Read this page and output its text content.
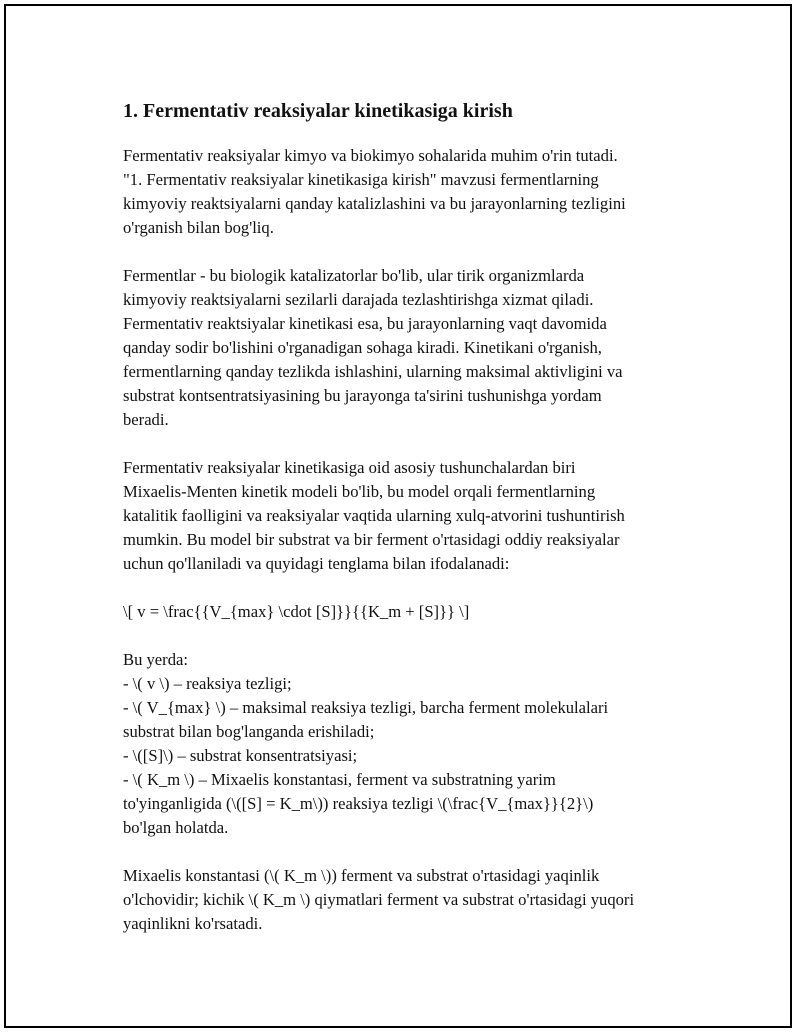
1. Fermentativ reaksiyalar kinetikasiga kirish

Fermentativ reaksiyalar kimyo va biokimyo sohalarida muhim o'rin tutadi.
"1. Fermentativ reaksiyalar kinetikasiga kirish" mavzusi fermentlarning
kimyoviy reaktsiyalarni qanday katalizlashini va bu jarayonlarning tezligini
o'rganish bilan bog'liq.

Fermentlar - bu biologik katalizatorlar bo'lib, ular tirik organizmlarda
kimyoviy reaktsiyalarni sezilarli darajada tezlashtirishga xizmat qiladi.
Fermentativ reaktsiyalar kinetikasi esa, bu jarayonlarning vaqt davomida
qanday sodir bo'lishini o'rganadigan sohaga kiradi. Kinetikani o'rganish,
fermentlarning qanday tezlikda ishlashini, ularning maksimal aktivligini va
substrat kontsentratsiyasining bu jarayonga ta'sirini tushunishga yordam
beradi.

Fermentativ reaksiyalar kinetikasiga oid asosiy tushunchalardan biri
Mixaelis-Menten kinetik modeli bo'lib, bu model orqali fermentlarning
katalitik faolligini va reaksiyalar vaqtida ularning xulq-atvorini tushuntirish
mumkin. Bu model bir substrat va bir ferment o'rtasidagi oddiy reaksiyalar
uchun qo'llaniladi va quyidagi tenglama bilan ifodalanadi:

\[ v = \frac{{V_{max} \cdot [S]}}{{K_m + [S]}} \]

Bu yerda:
- \( v \) – reaksiya tezligi;
- \( V_{max} \) – maksimal reaksiya tezligi, barcha ferment molekulalari
substrat bilan bog'langanda erishiladi;
- \([S]\) – substrat konsentratsiyasi;
- \( K_m \) – Mixaelis konstantasi, ferment va substratning yarim
to'yinganligida (\([S] = K_m\)) reaksiya tezligi \(\frac{V_{max}}{2}\)
bo'lgan holatda.

Mixaelis konstantasi (\( K_m \)) ferment va substrat o'rtasidagi yaqinlik
o'lchovidir; kichik \( K_m \) qiymatlari ferment va substrat o'rtasidagi yuqori
yaqinlikni ko'rsatadi.
